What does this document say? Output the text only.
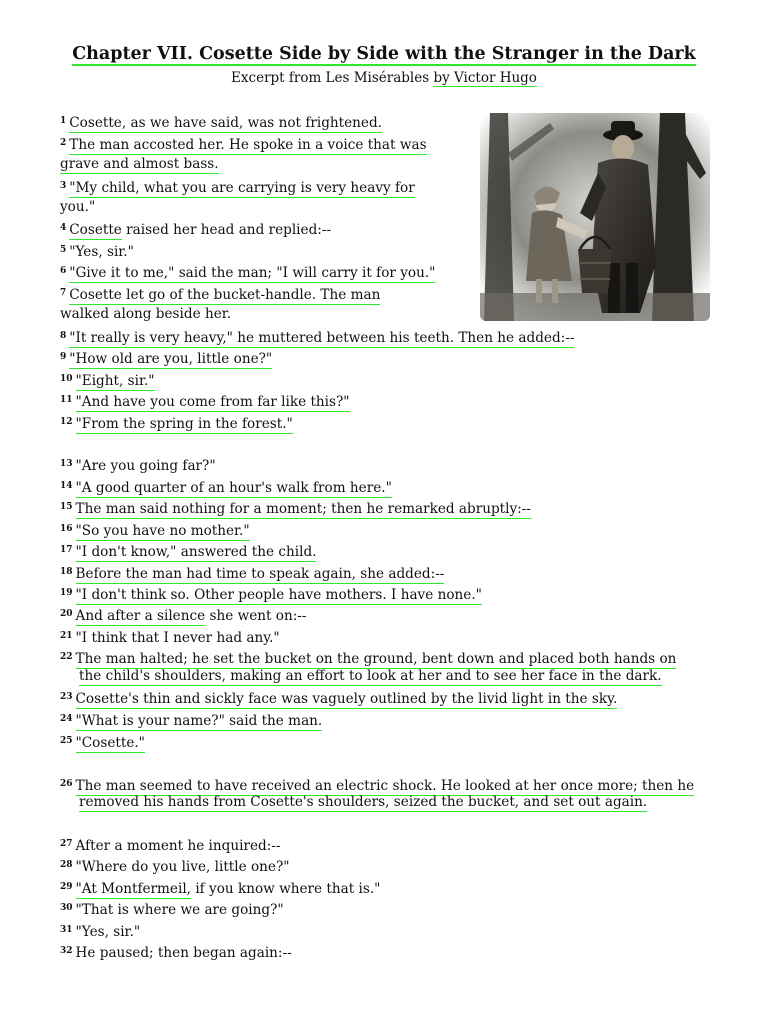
Chapter VII. Cosette Side by Side with the Stranger in the Dark
Excerpt from Les Misérables by Victor Hugo
$^1$ Cosette, as we have said, was not frightened.
$^2$ The man accosted her. He spoke in a voice that was
grave and almost bass.
$^3$ "My child, what you are carrying is very heavy for
you."
$^4$ Cosette raised her head and replied:--
$^5$ "Yes, sir."
$^6$ "Give it to me," said the man; "I will carry it for you."
$^7$ Cosette let go of the bucket-handle. The man
walked along beside her.
$^8$ "It really is very heavy," he muttered between his teeth. Then he added:--
$^9$ "How old are you, little one?"
$^{10}$ "Eight, sir."
$^{11}$ "And have you come from far like this?"
$^{12}$ "From the spring in the forest."
$^{13}$ "Are you going far?"
$^{14}$ "A good quarter of an hour's walk from here."
$^{15}$ The man said nothing for a moment; then he remarked abruptly:--
$^{16}$ "So you have no mother."
$^{17}$ "I don't know," answered the child.
$^{18}$ Before the man had time to speak again, she added:--
$^{19}$ "I don't think so. Other people have mothers. I have none."
$^{20}$ And after a silence she went on:--
$^{21}$ "I think that I never had any."
$^{22}$ The man halted; he set the bucket on the ground, bent down and placed both hands on
the child's shoulders, making an effort to look at her and to see her face in the dark.
$^{23}$ Cosette's thin and sickly face was vaguely outlined by the livid light in the sky.
$^{24}$ "What is your name?" said the man.
$^{25}$ "Cosette."
$^{26}$ The man seemed to have received an electric shock. He looked at her once more; then he
removed his hands from Cosette's shoulders, seized the bucket, and set out again.
$^{27}$ After a moment he inquired:--
$^{28}$ "Where do you live, little one?"
$^{29}$ "At Montfermeil, if you know where that is."
$^{30}$ "That is where we are going?"
$^{31}$ "Yes, sir."
$^{32}$ He paused; then began again:--
